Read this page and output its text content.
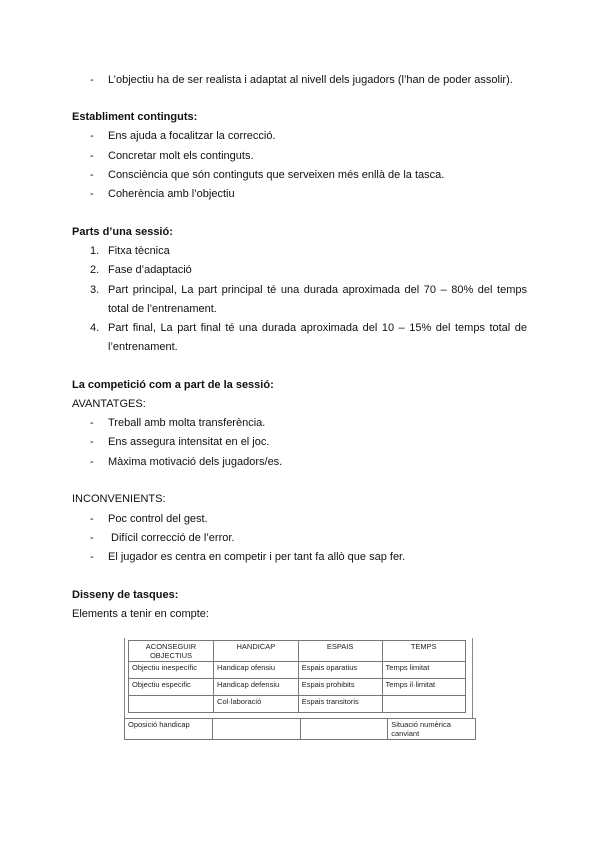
- L’objectiu ha de ser realista i adaptat al nivell dels jugadors (l’han de poder assolir).
Establiment continguts:
- Ens ajuda a focalitzar la correcció.
- Concretar molt els continguts.
- Consciència que són continguts que serveixen més enllà de la tasca.
- Coherència amb l’objectiu
Parts d’una sessió:
1. Fitxa tècnica
2. Fase d’adaptació
3. Part principal, La part principal té una durada aproximada del 70 – 80% del temps
total de l’entrenament.
4. Part final, La part final té una durada aproximada del 10 – 15% del temps total de
l’entrenament.
La competició com a part de la sessió:
AVANTATGES:
- Treball amb molta transferència.
- Ens assegura intensitat en el joc.
- Màxima motivació dels jugadors/es.
INCONVENIENTS:
- Poc control del gest.
- Difícil correcció de l’error.
- El jugador es centra en competir i per tant fa allò que sap fer.
Disseny de tasques:
Elements a tenir en compte:
ACONSEGUIR OBJECTIUS	HANDICAP	ESPAIS	TEMPS
Objectiu inespecífic	Handicap ofensiu	Espais oparatius	Temps limitat
Objectiu especific	Handicap defensiu	Espais prohibits	Temps il·limitat
	Col·laboració	Espais transitoris	
Oposició handicap			Situació numèrica canviant
